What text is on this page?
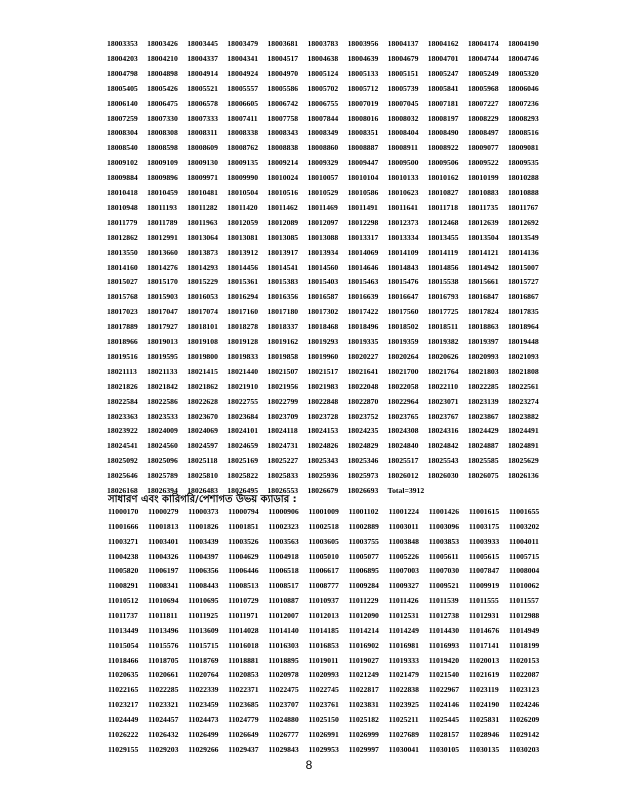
18003353 18003426 18003445 18003479 18003681 18003783 18003956 18004137 18004162 18004174 18004190
18004203 18004210 18004337 18004341 18004517 18004638 18004639 18004679 18004701 18004744 18004746
18004798 18004898 18004914 18004924 18004970 18005124 18005133 18005151 18005247 18005249 18005320
18005405 18005426 18005521 18005557 18005586 18005702 18005712 18005739 18005841 18005968 18006046
18006140 18006475 18006578 18006605 18006742 18006755 18007019 18007045 18007181 18007227 18007236
18007259 18007330 18007333 18007411 18007758 18007844 18008016 18008032 18008197 18008229 18008293
18008304 18008308 18008311 18008338 18008343 18008349 18008351 18008404 18008490 18008497 18008516
18008540 18008598 18008609 18008762 18008838 18008860 18008887 18008911 18008922 18009077 18009081
18009102 18009109 18009130 18009135 18009214 18009329 18009447 18009500 18009506 18009522 18009535
18009884 18009896 18009971 18009990 18010024 18010057 18010104 18010133 18010162 18010199 18010288
18010418 18010459 18010481 18010504 18010516 18010529 18010586 18010623 18010827 18010883 18010888
18010948 18011193 18011282 18011420 18011462 18011469 18011491 18011641 18011718 18011735 18011767
18011779 18011789 18011963 18012059 18012089 18012097 18012298 18012373 18012468 18012639 18012692
18012862 18012991 18013064 18013081 18013085 18013088 18013317 18013334 18013455 18013504 18013549
18013550 18013660 18013873 18013912 18013917 18013934 18014069 18014109 18014119 18014121 18014136
18014160 18014276 18014293 18014456 18014541 18014560 18014646 18014843 18014856 18014942 18015007
18015027 18015170 18015229 18015361 18015383 18015403 18015463 18015476 18015538 18015661 18015727
18015768 18015903 18016053 18016294 18016356 18016587 18016639 18016647 18016793 18016847 18016867
18017023 18017047 18017074 18017160 18017180 18017302 18017422 18017560 18017725 18017824 18017835
18017889 18017927 18018101 18018278 18018337 18018468 18018496 18018502 18018511 18018863 18018964
18018966 18019013 18019108 18019128 18019162 18019293 18019335 18019359 18019382 18019397 18019448
18019516 18019595 18019800 18019833 18019858 18019960 18020227 18020264 18020626 18020993 18021093
18021113 18021133 18021415 18021440 18021507 18021517 18021641 18021700 18021764 18021803 18021808
18021826 18021842 18021862 18021910 18021956 18021983 18022048 18022058 18022110 18022285 18022561
18022584 18022586 18022628 18022755 18022799 18022848 18022870 18022964 18023071 18023139 18023274
18023363 18023533 18023670 18023684 18023709 18023728 18023752 18023765 18023767 18023867 18023882
18023922 18024009 18024069 18024101 18024118 18024153 18024235 18024308 18024316 18024429 18024491
18024541 18024560 18024597 18024659 18024731 18024826 18024829 18024840 18024842 18024887 18024891
18025092 18025096 18025118 18025169 18025227 18025343 18025346 18025517 18025543 18025585 18025629
18025646 18025789 18025810 18025822 18025833 18025936 18025973 18026012 18026030 18026075 18026136
18026168 18026394 18026483 18026495 18026553 18026679 18026693 Total=3912
সাধারণ এবং কারিগরি/পেশাগত উভয় ক্যাডার :
11000170 11000279 11000373 11000794 11000906 11001009 11001102 11001224 11001426 11001615 11001655
11001666 11001813 11001826 11001851 11002323 11002518 11002889 11003011 11003096 11003175 11003202
11003271 11003401 11003439 11003526 11003563 11003605 11003755 11003848 11003853 11003933 11004011
11004238 11004326 11004397 11004629 11004918 11005010 11005077 11005226 11005611 11005615 11005715
11005820 11006197 11006356 11006446 11006518 11006617 11006895 11007003 11007030 11007847 11008004
11008291 11008341 11008443 11008513 11008517 11008777 11009284 11009327 11009521 11009919 11010062
11010512 11010694 11010695 11010729 11010887 11010937 11011229 11011426 11011539 11011555 11011557
11011737 11011811 11011925 11011971 11012007 11012013 11012090 11012531 11012738 11012931 11012988
11013449 11013496 11013609 11014028 11014140 11014185 11014214 11014249 11014430 11014676 11014949
11015054 11015576 11015715 11016018 11016303 11016853 11016902 11016981 11016993 11017141 11018199
11018466 11018705 11018769 11018881 11018895 11019011 11019027 11019333 11019420 11020013 11020153
11020635 11020661 11020764 11020853 11020978 11020993 11021249 11021479 11021540 11021619 11022087
11022165 11022285 11022339 11022371 11022475 11022745 11022817 11022838 11022967 11023119 11023123
11023217 11023321 11023459 11023685 11023707 11023761 11023831 11023925 11024146 11024190 11024246
11024449 11024457 11024473 11024779 11024880 11025150 11025182 11025211 11025445 11025831 11026209
11026222 11026432 11026499 11026649 11026777 11026991 11026999 11027689 11028157 11028946 11029142
11029155 11029203 11029266 11029437 11029843 11029953 11029997 11030041 11030105 11030135 11030203
8
